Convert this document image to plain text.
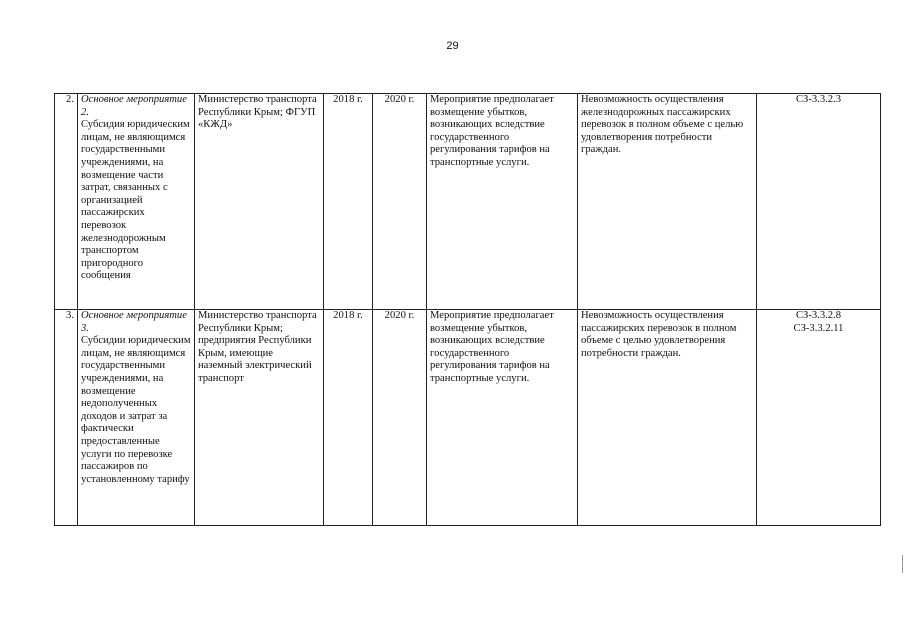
29
2.	Основное мероприятие 2.
Субсидия юридическим лицам, не являющимся государственными учреждениями, на возмещение части затрат, связанных с организацией пассажирских перевозок железнодорожным транспортом пригородного сообщения	Министерство транспорта Республики Крым; ФГУП «КЖД»	2018 г.	2020 г.	Мероприятие предполагает возмещение убытков, возникающих вследствие государственного регулирования тарифов на транспортные услуги.	Невозможность осуществления железнодорожных пассажирских перевозок в полном объеме с целью удовлетворения потребности граждан.	СЗ-3.3.2.3

3.	Основное мероприятие 3.
Субсидии юридическим лицам, не являющимся государственными учреждениями, на возмещение недополученных доходов и затрат за фактически предоставленные услуги по перевозке пассажиров по установленному тарифу	Министерство транспорта Республики Крым; предприятия Республики Крым, имеющие наземный электрический транспорт	2018 г.	2020 г.	Мероприятие предполагает возмещение убытков, возникающих вследствие государственного регулирования тарифов на транспортные услуги.	Невозможность осуществления пассажирских перевозок в полном объеме с целью удовлетворения потребности граждан.	СЗ-3.3.2.8
СЗ-3.3.2.11
